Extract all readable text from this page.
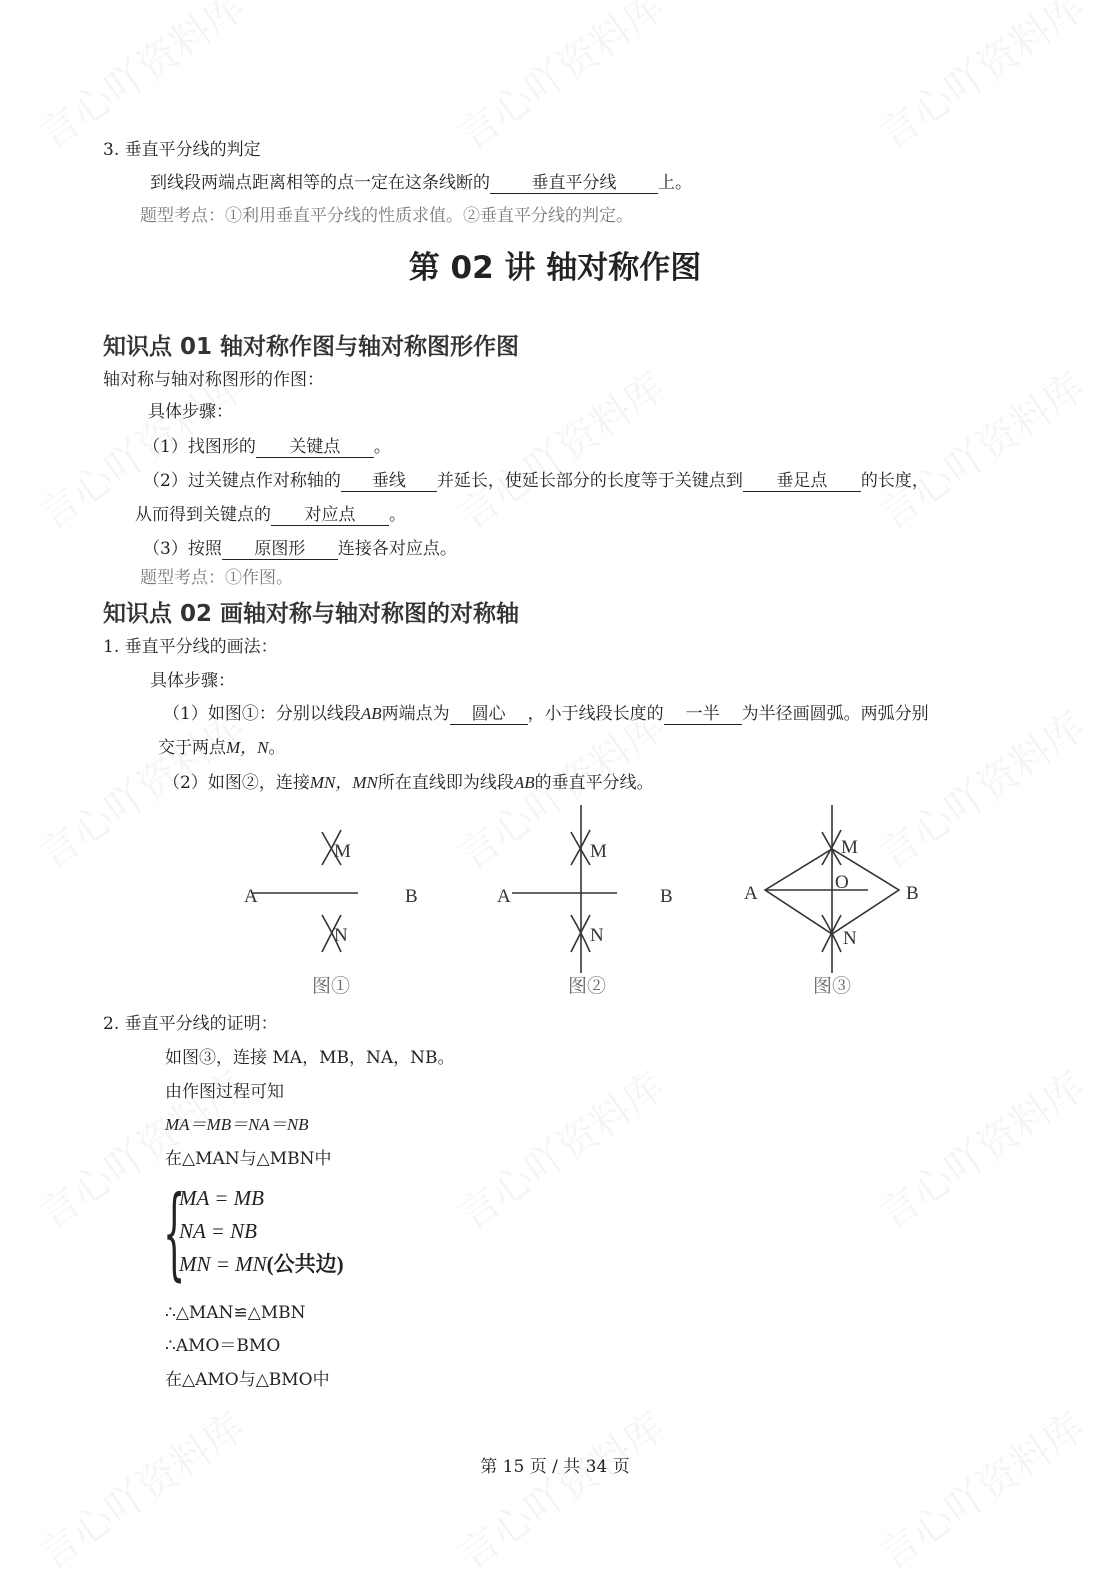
3. 垂直平分线的判定
到线段两端点距离相等的点一定在这条线断的 垂直平分线 上。
题型考点：①利用垂直平分线的性质求值。②垂直平分线的判定。
第 02 讲 轴对称作图
知识点 01 轴对称作图与轴对称图形作图
轴对称与轴对称图形的作图：
具体步骤：
（1）找图形的 关键点 。
（2）过关键点作对称轴的 垂线 并延长，使延长部分的长度等于关键点到 垂足点 的长度，
从而得到关键点的 对应点 。
（3）按照 原图形 连接各对应点。
题型考点：①作图。
知识点 02 画轴对称与轴对称图的对称轴
1. 垂直平分线的画法：
具体步骤：
（1）如图①：分别以线段AB两端点为 圆心 ，小于线段长度的 一半 为半径画圆弧。两弧分别
交于两点M，N。
（2）如图②，连接MN，MN所在直线即为线段AB的垂直平分线。
A	B
M
N
A	B
M
N
A	B
M
N
O
图①	图②	图③
2. 垂直平分线的证明：
如图③，连接 MA，MB，NA，NB。
由作图过程可知
MA＝MB＝NA＝NB
在△MAN与△MBN中
{
MA = MB
NA = NB
MN = MN(公共边)
∴△MAN≌△MBN
∴AMO＝BMO
在△AMO与△BMO中
第 15 页 / 共 34 页
